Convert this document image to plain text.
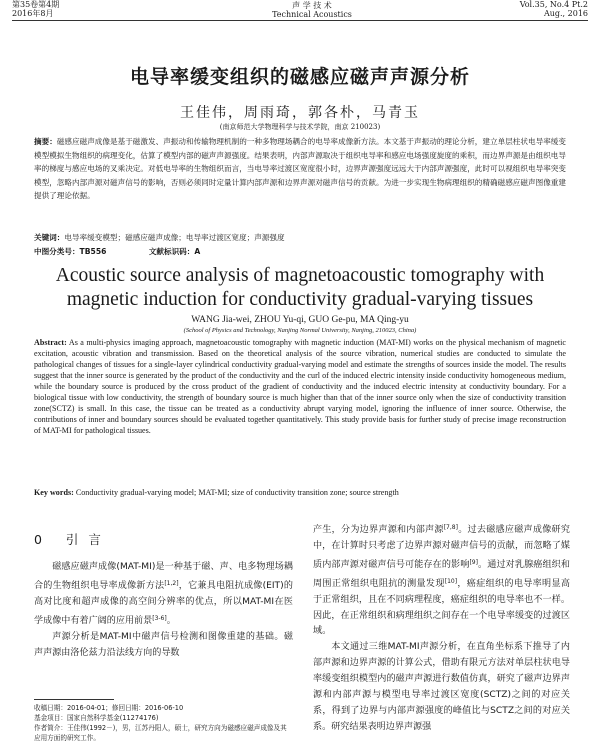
第35卷第4期
2016年8月
声 学 技 术
Technical Acoustics
Vol.35, No.4 Pt.2
Aug., 2016
电导率缓变组织的磁感应磁声声源分析
王佳伟，周雨琦，郭各朴，马青玉
(南京师范大学物理科学与技术学院，南京 210023)
摘要：磁感应磁声成像是基于磁激发、声振动和传输物理机制的一种多物理场耦合的电导率成像新方法。本文基于声振动的理论分析，建立单层柱状电导率缓变模型模拟生物组织的病理变化，估算了模型内部的磁声声源强度。结果表明，内部声源取决于组织电导率和感应电场强度旋度的乘积，而边界声源是由组织电导率的梯度与感应电场的叉乘决定。对低电导率的生物组织而言，当电导率过渡区宽度很小时，边界声源强度远远大于内部声源强度，此时可以视组织电导率突变模型，忽略内部声源对磁声信号的影响，否则必须同时定量计算内部声源和边界声源对磁声信号的贡献。为进一步实现生物病理组织的精确磁感应磁声图像重建提供了理论依据。
关键词：电导率缓变模型；磁感应磁声成像；电导率过渡区宽度；声源强度
中图分类号：TB556	文献标识码：A
Acoustic source analysis of magnetoacoustic tomography with
magnetic induction for conductivity gradual-varying tissues
WANG Jia-wei, ZHOU Yu-qi, GUO Ge-pu, MA Qing-yu
(School of Physics and Technology, Nanjing Normal University, Nanjing, 210023, China)
Abstract: As a multi-physics imaging approach, magnetoacoustic tomography with magnetic induction (MAT-MI) works on the physical mechanism of magnetic excitation, acoustic vibration and transmission. Based on the theoretical analysis of the source vibration, numerical studies are conducted to simulate the pathological changes of tissues for a single-layer cylindrical conductivity gradual-varying model and estimate the strengths of sources inside the model. The results suggest that the inner source is generated by the product of the conductivity and the curl of the induced electric intensity inside conductivity homogeneous medium, while the boundary source is produced by the cross product of the gradient of conductivity and the induced electric intensity at conductivity boundary. For a biological tissue with low conductivity, the strength of boundary source is much higher than that of the inner source only when the size of conductivity transition zone(SCTZ) is small. In this case, the tissue can be treated as a conductivity abrupt varying model, ignoring the influence of inner source. Otherwise, the contributions of inner and boundary sources should be evaluated together quantitatively. This study provide basis for further study of precise image reconstruction of MAT-MI for pathological tissues.
Key words: Conductivity gradual-varying model; MAT-MI; size of conductivity transition zone; source strength
0 引言

磁感应磁声成像(MAT-MI)是一种基于磁、声、电多物理场耦合的生物组织电导率成像新方法[1,2]，它兼具电阻抗成像(EIT)的高对比度和超声成像的高空间分辨率的优点，所以MAT-MI在医学成像中有着广阔的应用前景[3-6]。

声源分析是MAT-MI中磁声信号检测和图像重建的基础。磁声声源由洛伦兹力沿法线方向的导数

产生，分为边界声源和内部声源[7,8]。过去磁感应磁声成像研究中，在计算时只考虑了边界声源对磁声信号的贡献，而忽略了媒质内部声源对磁声信号可能存在的影响[9]。通过对乳腺癌组织和周围正常组织电阻抗的测量发现[10]，癌症组织的电导率明显高于正常组织，且在不同病理程度，癌症组织的电导率也不一样。因此，在正常组织和病理组织之间存在一个电导率缓变的过渡区域。

本文通过三维MAT-MI声源分析，在直角坐标系下推导了内部声源和边界声源的计算公式，借助有限元方法对单层柱状电导率缓变组织模型内的磁声声源进行数值仿真，研究了磁声边界声源和内部声源与模型电导率过渡区宽度(SCTZ)之间的对应关系，得到了边界与内部声源强度的峰值比与SCTZ之间的对应关系。研究结果表明边界声源强

收稿日期：2016-04-01；修回日期：2016-06-10
基金项目：国家自然科学基金(11274176)
作者简介：王佳伟(1992－)，男，江苏丹阳人，硕士，研究方向为磁感应磁声成像及其应用方面的研究工作。
